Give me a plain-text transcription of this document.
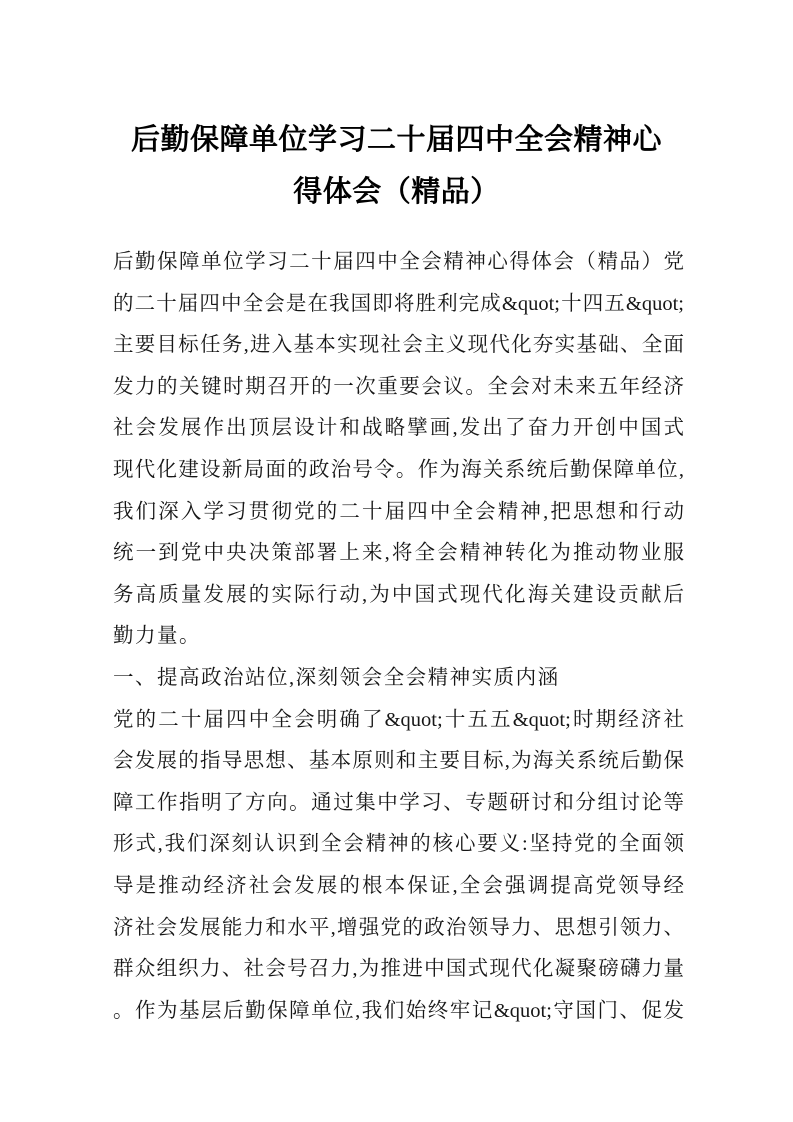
后勤保障单位学习二十届四中全会精神心
得体会（精品）
后勤保障单位学习二十届四中全会精神心得体会（精品）党
的二十届四中全会是在我国即将胜利完成&quot;十四五&quot;
主要目标任务,进入基本实现社会主义现代化夯实基础、全面
发力的关键时期召开的一次重要会议。全会对未来五年经济
社会发展作出顶层设计和战略擘画,发出了奋力开创中国式
现代化建设新局面的政治号令。作为海关系统后勤保障单位,
我们深入学习贯彻党的二十届四中全会精神,把思想和行动
统一到党中央决策部署上来,将全会精神转化为推动物业服
务高质量发展的实际行动,为中国式现代化海关建设贡献后
勤力量。
一、提高政治站位,深刻领会全会精神实质内涵
党的二十届四中全会明确了&quot;十五五&quot;时期经济社
会发展的指导思想、基本原则和主要目标,为海关系统后勤保
障工作指明了方向。通过集中学习、专题研讨和分组讨论等
形式,我们深刻认识到全会精神的核心要义:坚持党的全面领
导是推动经济社会发展的根本保证,全会强调提高党领导经
济社会发展能力和水平,增强党的政治领导力、思想引领力、
群众组织力、社会号召力,为推进中国式现代化凝聚磅礴力量
。作为基层后勤保障单位,我们始终牢记&quot;守国门、促发
